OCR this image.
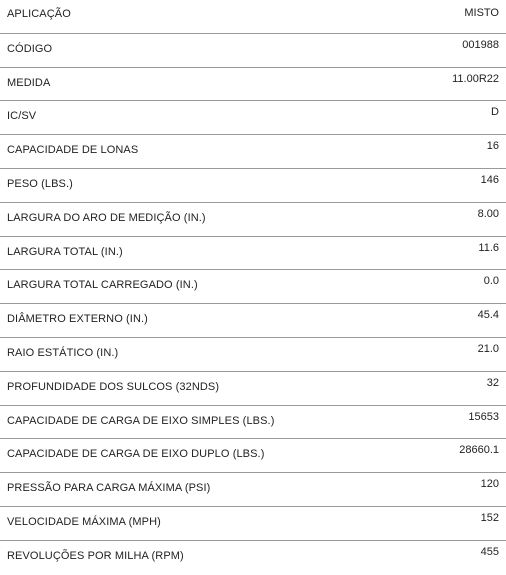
APLICAÇÃO	MISTO
CÓDIGO	001988
MEDIDA	11.00R22
IC/SV	D
CAPACIDADE DE LONAS	16
PESO (LBS.)	146
LARGURA DO ARO DE MEDIÇÃO (IN.)	8.00
LARGURA TOTAL (IN.)	11.6
LARGURA TOTAL CARREGADO (IN.)	0.0
DIÂMETRO EXTERNO (IN.)	45.4
RAIO ESTÁTICO (IN.)	21.0
PROFUNDIDADE DOS SULCOS (32NDS)	32
CAPACIDADE DE CARGA DE EIXO SIMPLES (LBS.)	15653
CAPACIDADE DE CARGA DE EIXO DUPLO (LBS.)	28660.1
PRESSÃO PARA CARGA MÁXIMA (PSI)	120
VELOCIDADE MÁXIMA (MPH)	152
REVOLUÇÕES POR MILHA (RPM)	455
